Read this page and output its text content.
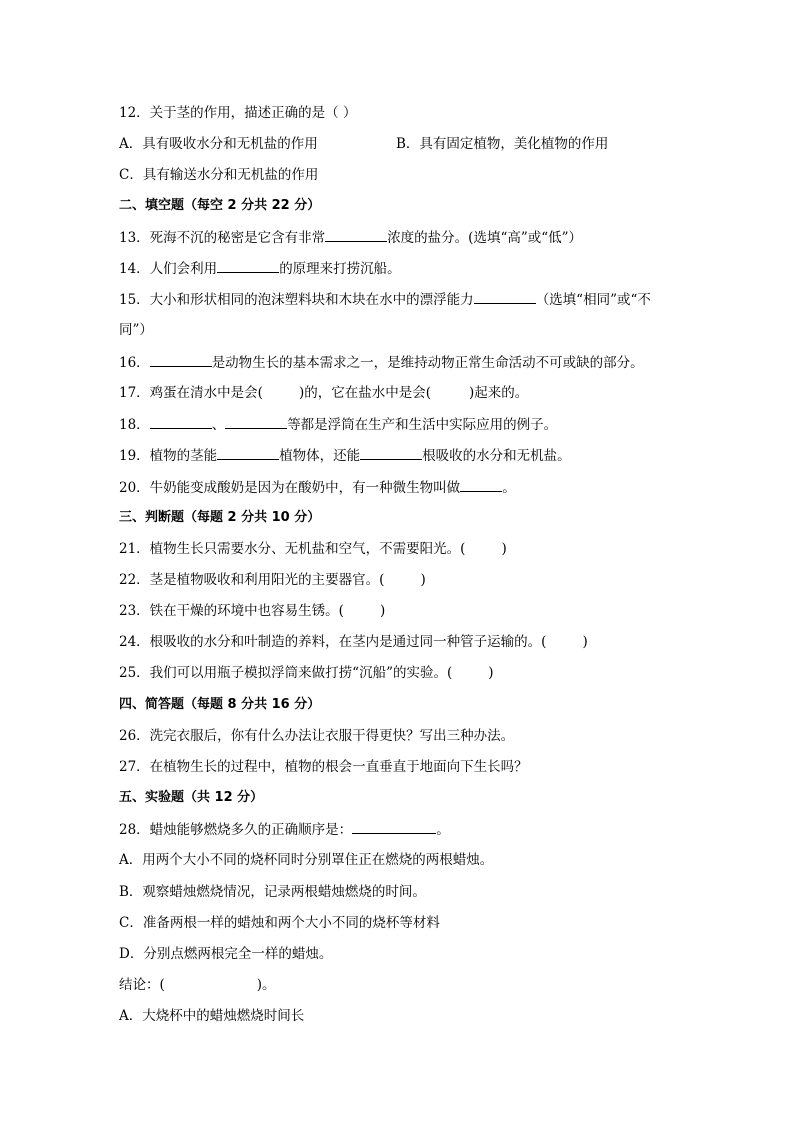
12．关于茎的作用，描述正确的是（ ）
A．具有吸收水分和无机盐的作用	B．具有固定植物，美化植物的作用
C．具有输送水分和无机盐的作用
二、填空题（每空 2 分共 22 分）
13．死海不沉的秘密是它含有非常	浓度的盐分。(选填“高”或“低”）
14．人们会利用	的原理来打捞沉船。
15．大小和形状相同的泡沫塑料块和木块在水中的漂浮能力	（选填“相同”或“不
同”）
16．	是动物生长的基本需求之一，是维持动物正常生命活动不可或缺的部分。
17．鸡蛋在清水中是会(	)的，它在盐水中是会(	)起来的。
18．	、	等都是浮筒在生产和生活中实际应用的例子。
19．植物的茎能	植物体，还能	根吸收的水分和无机盐。
20．牛奶能变成酸奶是因为在酸奶中，有一种微生物叫做	。
三、判断题（每题 2 分共 10 分）
21．植物生长只需要水分、无机盐和空气，不需要阳光。(	)
22．茎是植物吸收和利用阳光的主要器官。(	)
23．铁在干燥的环境中也容易生锈。(	)
24．根吸收的水分和叶制造的养料，在茎内是通过同一种管子运输的。(	)
25．我们可以用瓶子模拟浮筒来做打捞“沉船”的实验。(	)
四、简答题（每题 8 分共 16 分）
26．洗完衣服后，你有什么办法让衣服干得更快？写出三种办法。
27．在植物生长的过程中，植物的根会一直垂直于地面向下生长吗？
五、实验题（共 12 分）
28．蜡烛能够燃烧多久的正确顺序是：	。
A．用两个大小不同的烧杯同时分别罩住正在燃烧的两根蜡烛。
B．观察蜡烛燃烧情况，记录两根蜡烛燃烧的时间。
C．准备两根一样的蜡烛和两个大小不同的烧杯等材料
D．分别点燃两根完全一样的蜡烛。
结论：(	)。
A．大烧杯中的蜡烛燃烧时间长
